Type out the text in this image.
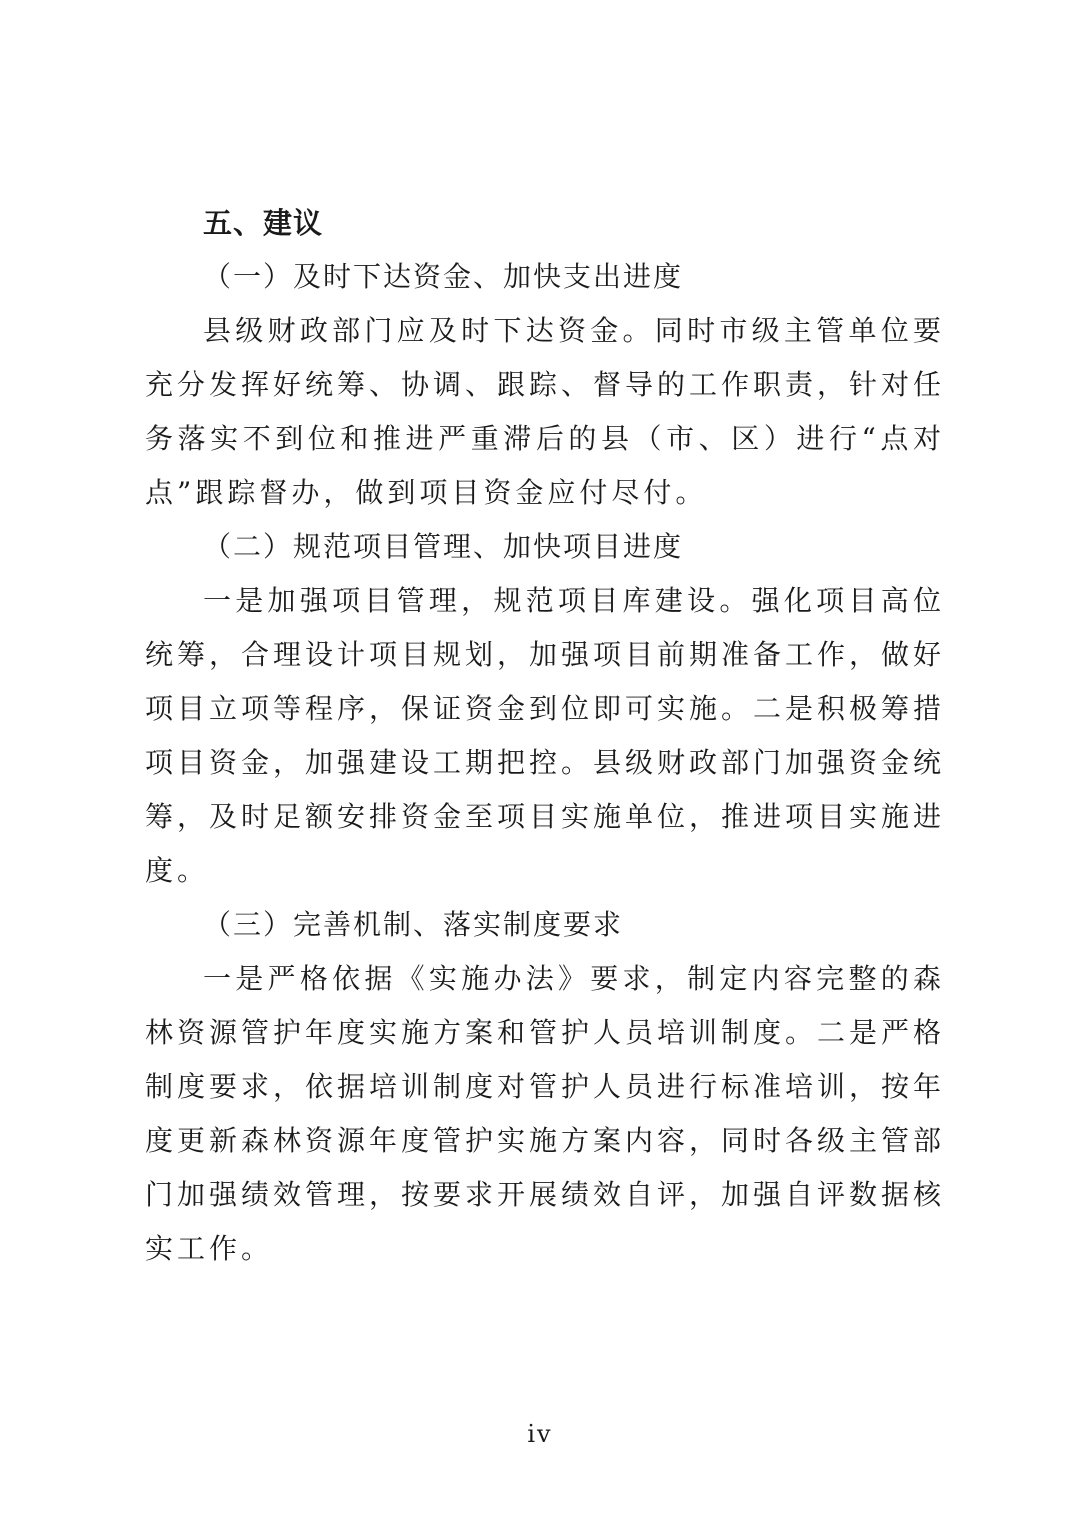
五、建议

（一）及时下达资金、加快支出进度

县级财政部门应及时下达资金。同时市级主管单位要充分发挥好统筹、协调、跟踪、督导的工作职责，针对任务落实不到位和推进严重滞后的县（市、区）进行“点对点”跟踪督办，做到项目资金应付尽付。

（二）规范项目管理、加快项目进度

一是加强项目管理，规范项目库建设。强化项目高位统筹，合理设计项目规划，加强项目前期准备工作，做好项目立项等程序，保证资金到位即可实施。二是积极筹措项目资金，加强建设工期把控。县级财政部门加强资金统筹，及时足额安排资金至项目实施单位，推进项目实施进度。

（三）完善机制、落实制度要求

一是严格依据《实施办法》要求，制定内容完整的森林资源管护年度实施方案和管护人员培训制度。二是严格制度要求，依据培训制度对管护人员进行标准培训，按年度更新森林资源年度管护实施方案内容，同时各级主管部门加强绩效管理，按要求开展绩效自评，加强自评数据核实工作。

iv
